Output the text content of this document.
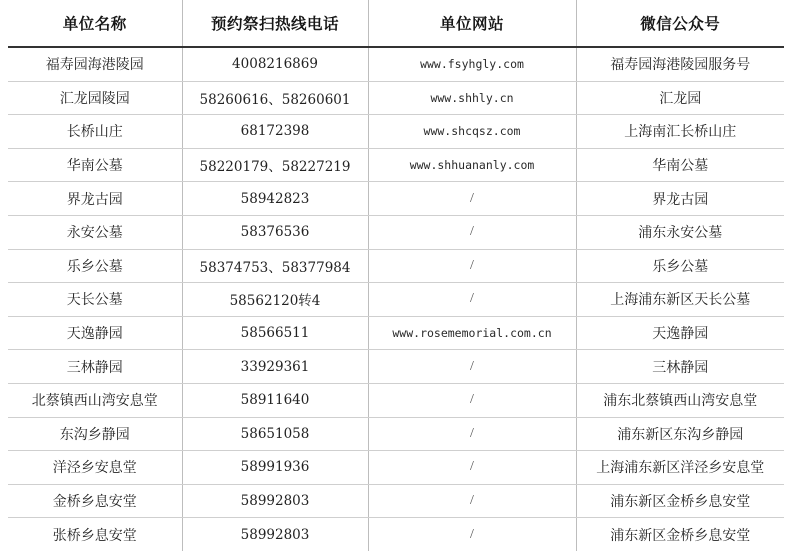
单位名称	预约祭扫热线电话	单位网站	微信公众号
福寿园海港陵园	4008216869	www.fsyhgly.com	福寿园海港陵园服务号
汇龙园陵园	58260616、58260601	www.shhly.cn	汇龙园
长桥山庄	68172398	www.shcqsz.com	上海南汇长桥山庄
华南公墓	58220179、58227219	www.shhuananly.com	华南公墓
界龙古园	58942823	/	界龙古园
永安公墓	58376536	/	浦东永安公墓
乐乡公墓	58374753、58377984	/	乐乡公墓
天长公墓	58562120转4	/	上海浦东新区天长公墓
天逸静园	58566511	www.rosememorial.com.cn	天逸静园
三林静园	33929361	/	三林静园
北蔡镇西山湾安息堂	58911640	/	浦东北蔡镇西山湾安息堂
东沟乡静园	58651058	/	浦东新区东沟乡静园
洋泾乡安息堂	58991936	/	上海浦东新区洋泾乡安息堂
金桥乡息安堂	58992803	/	浦东新区金桥乡息安堂
张桥乡息安堂	58992803	/	浦东新区金桥乡息安堂
